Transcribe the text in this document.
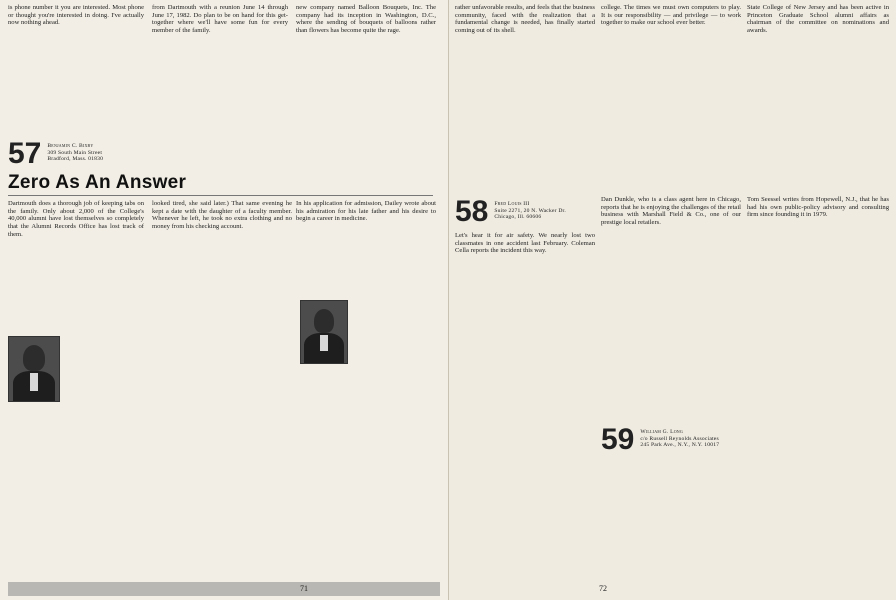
is phone number it you are interested. Most phone or thought you're interested in doing. I've actually now nothing ahead.

57 Benjamin C. Bixby
309 South Main Street
Bradford, Mass. 01830

from Dartmouth with a reunion June 14 through June 17, 1982. Do plan to be on hand for this get-together where we'll have some fun for every member of the family.

new company named Balloon Bouquets, Inc. The company had its inception in Washington, D.C., where the sending of bouquets of balloons rather than flowers has become quite the rage.

Zero As An Answer

Dartmouth does a thorough job of keeping tabs on the family. Only about 2,000 of the College's 40,000 alumni have lost themselves so completely that the Alumni Records Office has lost track of them.

looked tired, she said later.) That same evening he kept a date with the daughter of a faculty member. Whenever he left, he took no extra clothing and no money from his checking account.

In his application for admission, Dailey wrote about his admiration for his late father and his desire to begin a career in medicine.

71

rather unfavorable results, and feels that the business community, faced with the realization that a fundamental change is needed, has finally started coming out of its shell.

college. The times we must own computers to play. It is our responsibility — and privilege — to work together to make our school ever better.

State College of New Jersey and has been active in Princeton Graduate School alumni affairs as chairman of the committee on nominations and awards.

58 Fred Louis III
Suite 2271, 20 N. Wacker Dr.
Chicago, Ill. 60606

Let's hear it for air safety. We nearly lost two classmates in one accident last February. Coleman Cella reports the incident this way.

Dan Dunkle, who is a class agent here in Chicago, reports that he is enjoying the challenges of the retail business with Marshall Field & Co., one of our prestige local retailers.

59 William G. Long
c/o Russell Reynolds Associates
245 Park Ave., N.Y., N.Y. 10017

Tom Seessel writes from Hopewell, N.J., that he has had his own public-policy advisory and consulting firm since founding it in 1979.

72
